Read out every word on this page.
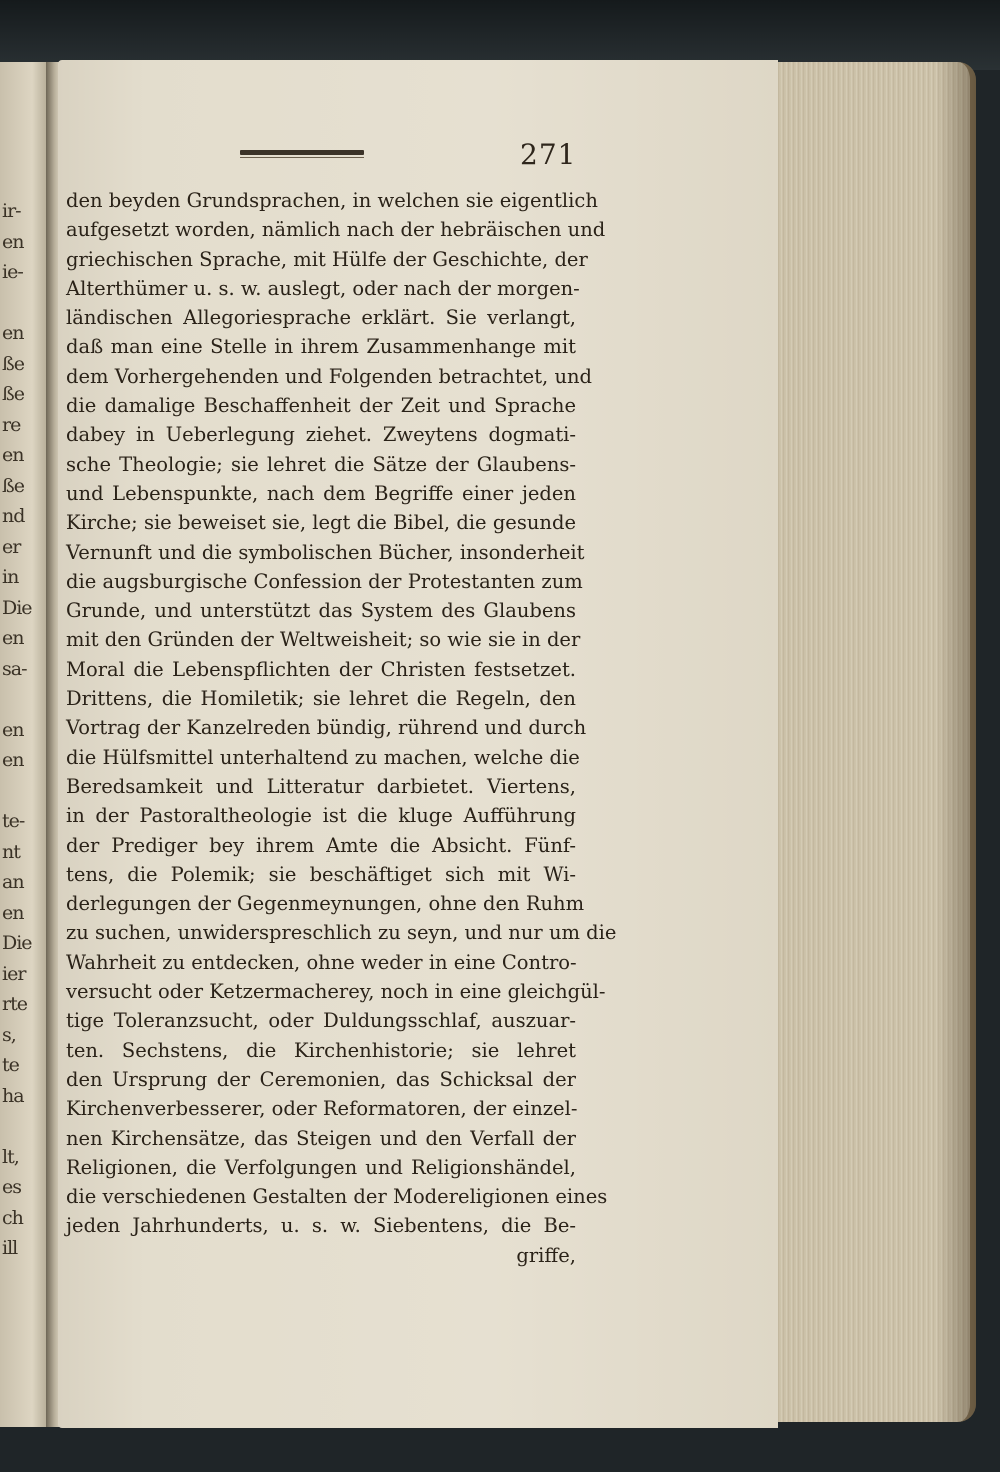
ir-
en
ie-
en
ße
ße
re
en
ße
nd
er
in
Die
en
sa-
en
en
te-
nt
an
en
Die
ier
rte
s,
te
ha
lt,
es
ch
ill
271
den beyden Grundsprachen, in welchen sie eigentlich
aufgesetzt worden, nämlich nach der hebräischen und
griechischen Sprache, mit Hülfe der Geschichte, der
Alterthümer u. s. w. auslegt, oder nach der morgen-
ländischen Allegoriesprache erklärt. Sie verlangt,
daß man eine Stelle in ihrem Zusammenhange mit
dem Vorhergehenden und Folgenden betrachtet, und
die damalige Beschaffenheit der Zeit und Sprache
dabey in Ueberlegung ziehet. Zweytens dogmati-
sche Theologie; sie lehret die Sätze der Glaubens-
und Lebenspunkte, nach dem Begriffe einer jeden
Kirche; sie beweiset sie, legt die Bibel, die gesunde
Vernunft und die symbolischen Bücher, insonderheit
die augsburgische Confession der Protestanten zum
Grunde, und unterstützt das System des Glaubens
mit den Gründen der Weltweisheit; so wie sie in der
Moral die Lebenspflichten der Christen festsetzet.
Drittens, die Homiletik; sie lehret die Regeln, den
Vortrag der Kanzelreden bündig, rührend und durch
die Hülfsmittel unterhaltend zu machen, welche die
Beredsamkeit und Litteratur darbietet. Viertens,
in der Pastoraltheologie ist die kluge Aufführung
der Prediger bey ihrem Amte die Absicht. Fünf-
tens, die Polemik; sie beschäftiget sich mit Wi-
derlegungen der Gegenmeynungen, ohne den Ruhm
zu suchen, unwiderspreschlich zu seyn, und nur um die
Wahrheit zu entdecken, ohne weder in eine Contro-
versucht oder Ketzermacherey, noch in eine gleichgül-
tige Toleranzsucht, oder Duldungsschlaf, auszuar-
ten. Sechstens, die Kirchenhistorie; sie lehret
den Ursprung der Ceremonien, das Schicksal der
Kirchenverbesserer, oder Reformatoren, der einzel-
nen Kirchensätze, das Steigen und den Verfall der
Religionen, die Verfolgungen und Religionshändel,
die verschiedenen Gestalten der Modereligionen eines
jeden Jahrhunderts, u. s. w. Siebentens, die Be-
griffe,
